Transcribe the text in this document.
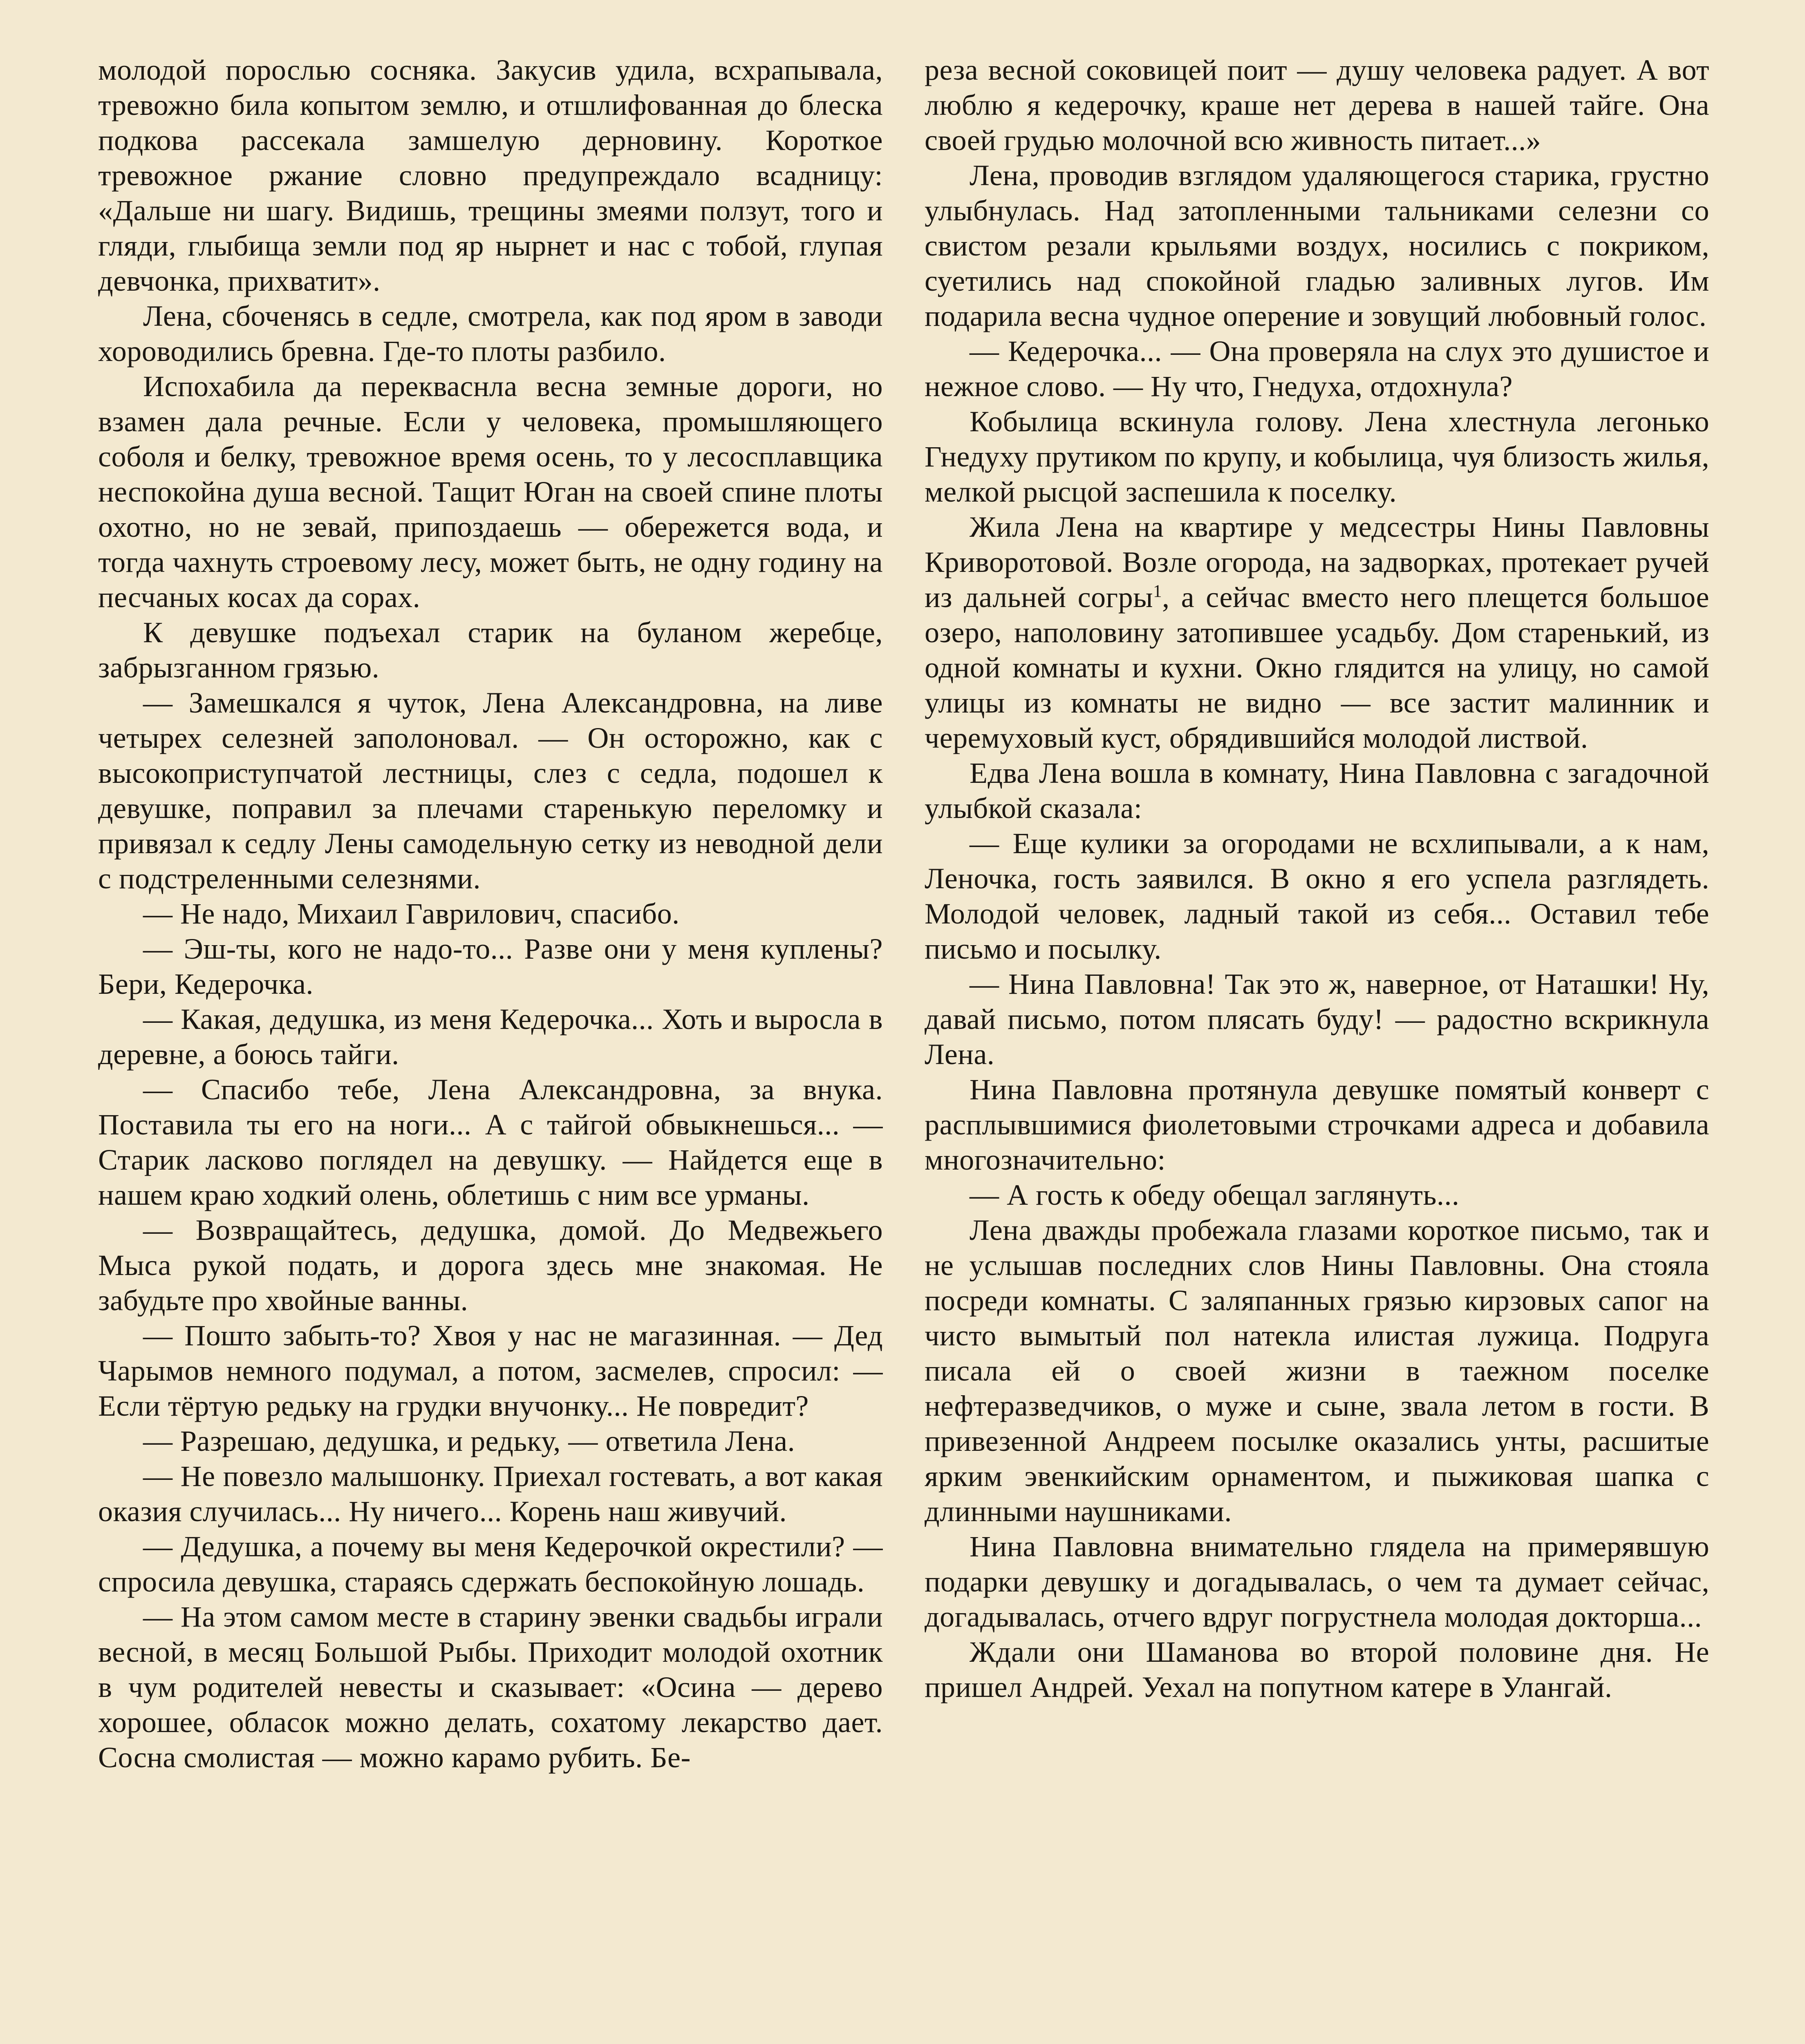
молодой порослью сосняка. Закусив удила, всхрапывала, тревожно била копытом землю, и отшлифованная до блеска подкова рассекала замшелую дерновину. Короткое тревожное ржание словно предупреждало всадницу: «Дальше ни шагу. Видишь, трещины змеями ползут, того и гляди, глыбища земли под яр нырнет и нас с тобой, глупая девчонка, прихватит».

Лена, сбоченясь в седле, смотрела, как под яром в заводи хороводились бревна. Где-то плоты разбило.

Испохабила да перекваснла весна земные дороги, но взамен дала речные. Если у человека, промышляющего соболя и белку, тревожное время осень, то у лесосплавщика неспокойна душа весной. Тащит Юган на своей спине плоты охотно, но не зевай, припоздаешь — обережется вода, и тогда чахнуть строевому лесу, может быть, не одну годину на песчаных косах да сорах.

К девушке подъехал старик на буланом жеребце, забрызганном грязью.

— Замешкался я чуток, Лена Александровна, на ливе четырех селезней заполоновал. — Он осторожно, как с высокоприступчатой лестницы, слез с седла, подошел к девушке, поправил за плечами старенькую переломку и привязал к седлу Лены самодельную сетку из неводной дели с подстреленными селезнями.

— Не надо, Михаил Гаврилович, спасибо.

— Эш-ты, кого не надо-то... Разве они у меня куплены? Бери, Кедерочка.

— Какая, дедушка, из меня Кедерочка... Хоть и выросла в деревне, а боюсь тайги.

— Спасибо тебе, Лена Александровна, за внука. Поставила ты его на ноги... А с тайгой обвыкнешься... — Старик ласково поглядел на девушку. — Найдется еще в нашем краю ходкий олень, облетишь с ним все урманы.

— Возвращайтесь, дедушка, домой. До Медвежьего Мыса рукой подать, и дорога здесь мне знакомая. Не забудьте про хвойные ванны.

— Пошто забыть-то? Хвоя у нас не магазинная. — Дед Чарымов немного подумал, а потом, засмелев, спросил: — Если тёртую редьку на грудки внучонку... Не повредит?

— Разрешаю, дедушка, и редьку, — ответила Лена.

— Не повезло малышонку. Приехал гостевать, а вот какая оказия случилась... Ну ничего... Корень наш живучий.

— Дедушка, а почему вы меня Кедерочкой окрестили? — спросила девушка, стараясь сдержать беспокойную лошадь.

— На этом самом месте в старину эвенки свадьбы играли весной, в месяц Большой Рыбы. Приходит молодой охотник в чум родителей невесты и сказывает: «Осина — дерево хорошее, обласок можно делать, сохатому лекарство дает. Сосна смолистая — можно карамо рубить. Бе-

реза весной соковицей поит — душу человека радует. А вот люблю я кедерочку, краше нет дерева в нашей тайге. Она своей грудью молочной всю живность питает...»

Лена, проводив взглядом удаляющегося старика, грустно улыбнулась. Над затопленными тальниками селезни со свистом резали крыльями воздух, носились с покриком, суетились над спокойной гладью заливных лугов. Им подарила весна чудное оперение и зовущий любовный голос.

— Кедерочка... — Она проверяла на слух это душистое и нежное слово. — Ну что, Гнедуха, отдохнула?

Кобылица вскинула голову. Лена хлестнула легонько Гнедуху прутиком по крупу, и кобылица, чуя близость жилья, мелкой рысцой заспешила к поселку.

Жила Лена на квартире у медсестры Нины Павловны Криворотовой. Возле огорода, на задворках, протекает ручей из дальней согры$^1$, а сейчас вместо него плещется большое озеро, наполовину затопившее усадьбу. Дом старенький, из одной комнаты и кухни. Окно глядится на улицу, но самой улицы из комнаты не видно — все застит малинник и черемуховый куст, обрядившийся молодой листвой.

Едва Лена вошла в комнату, Нина Павловна с загадочной улыбкой сказала:

— Еще кулики за огородами не всхлипывали, а к нам, Леночка, гость заявился. В окно я его успела разглядеть. Молодой человек, ладный такой из себя... Оставил тебе письмо и посылку.

— Нина Павловна! Так это ж, наверное, от Наташки! Ну, давай письмо, потом плясать буду! — радостно вскрикнула Лена.

Нина Павловна протянула девушке помятый конверт с расплывшимися фиолетовыми строчками адреса и добавила многозначительно:

— А гость к обеду обещал заглянуть...

Лена дважды пробежала глазами короткое письмо, так и не услышав последних слов Нины Павловны. Она стояла посреди комнаты. С заляпанных грязью кирзовых сапог на чисто вымытый пол натекла илистая лужица. Подруга писала ей о своей жизни в таежном поселке нефтеразведчиков, о муже и сыне, звала летом в гости. В привезенной Андреем посылке оказались унты, расшитые ярким эвенкийским орнаментом, и пыжиковая шапка с длинными наушниками.

Нина Павловна внимательно глядела на примерявшую подарки девушку и догадывалась, о чем та думает сейчас, догадывалась, отчего вдруг погрустнела молодая докторша...

Ждали они Шаманова во второй половине дня. Не пришел Андрей. Уехал на попутном катере в Улангай.
